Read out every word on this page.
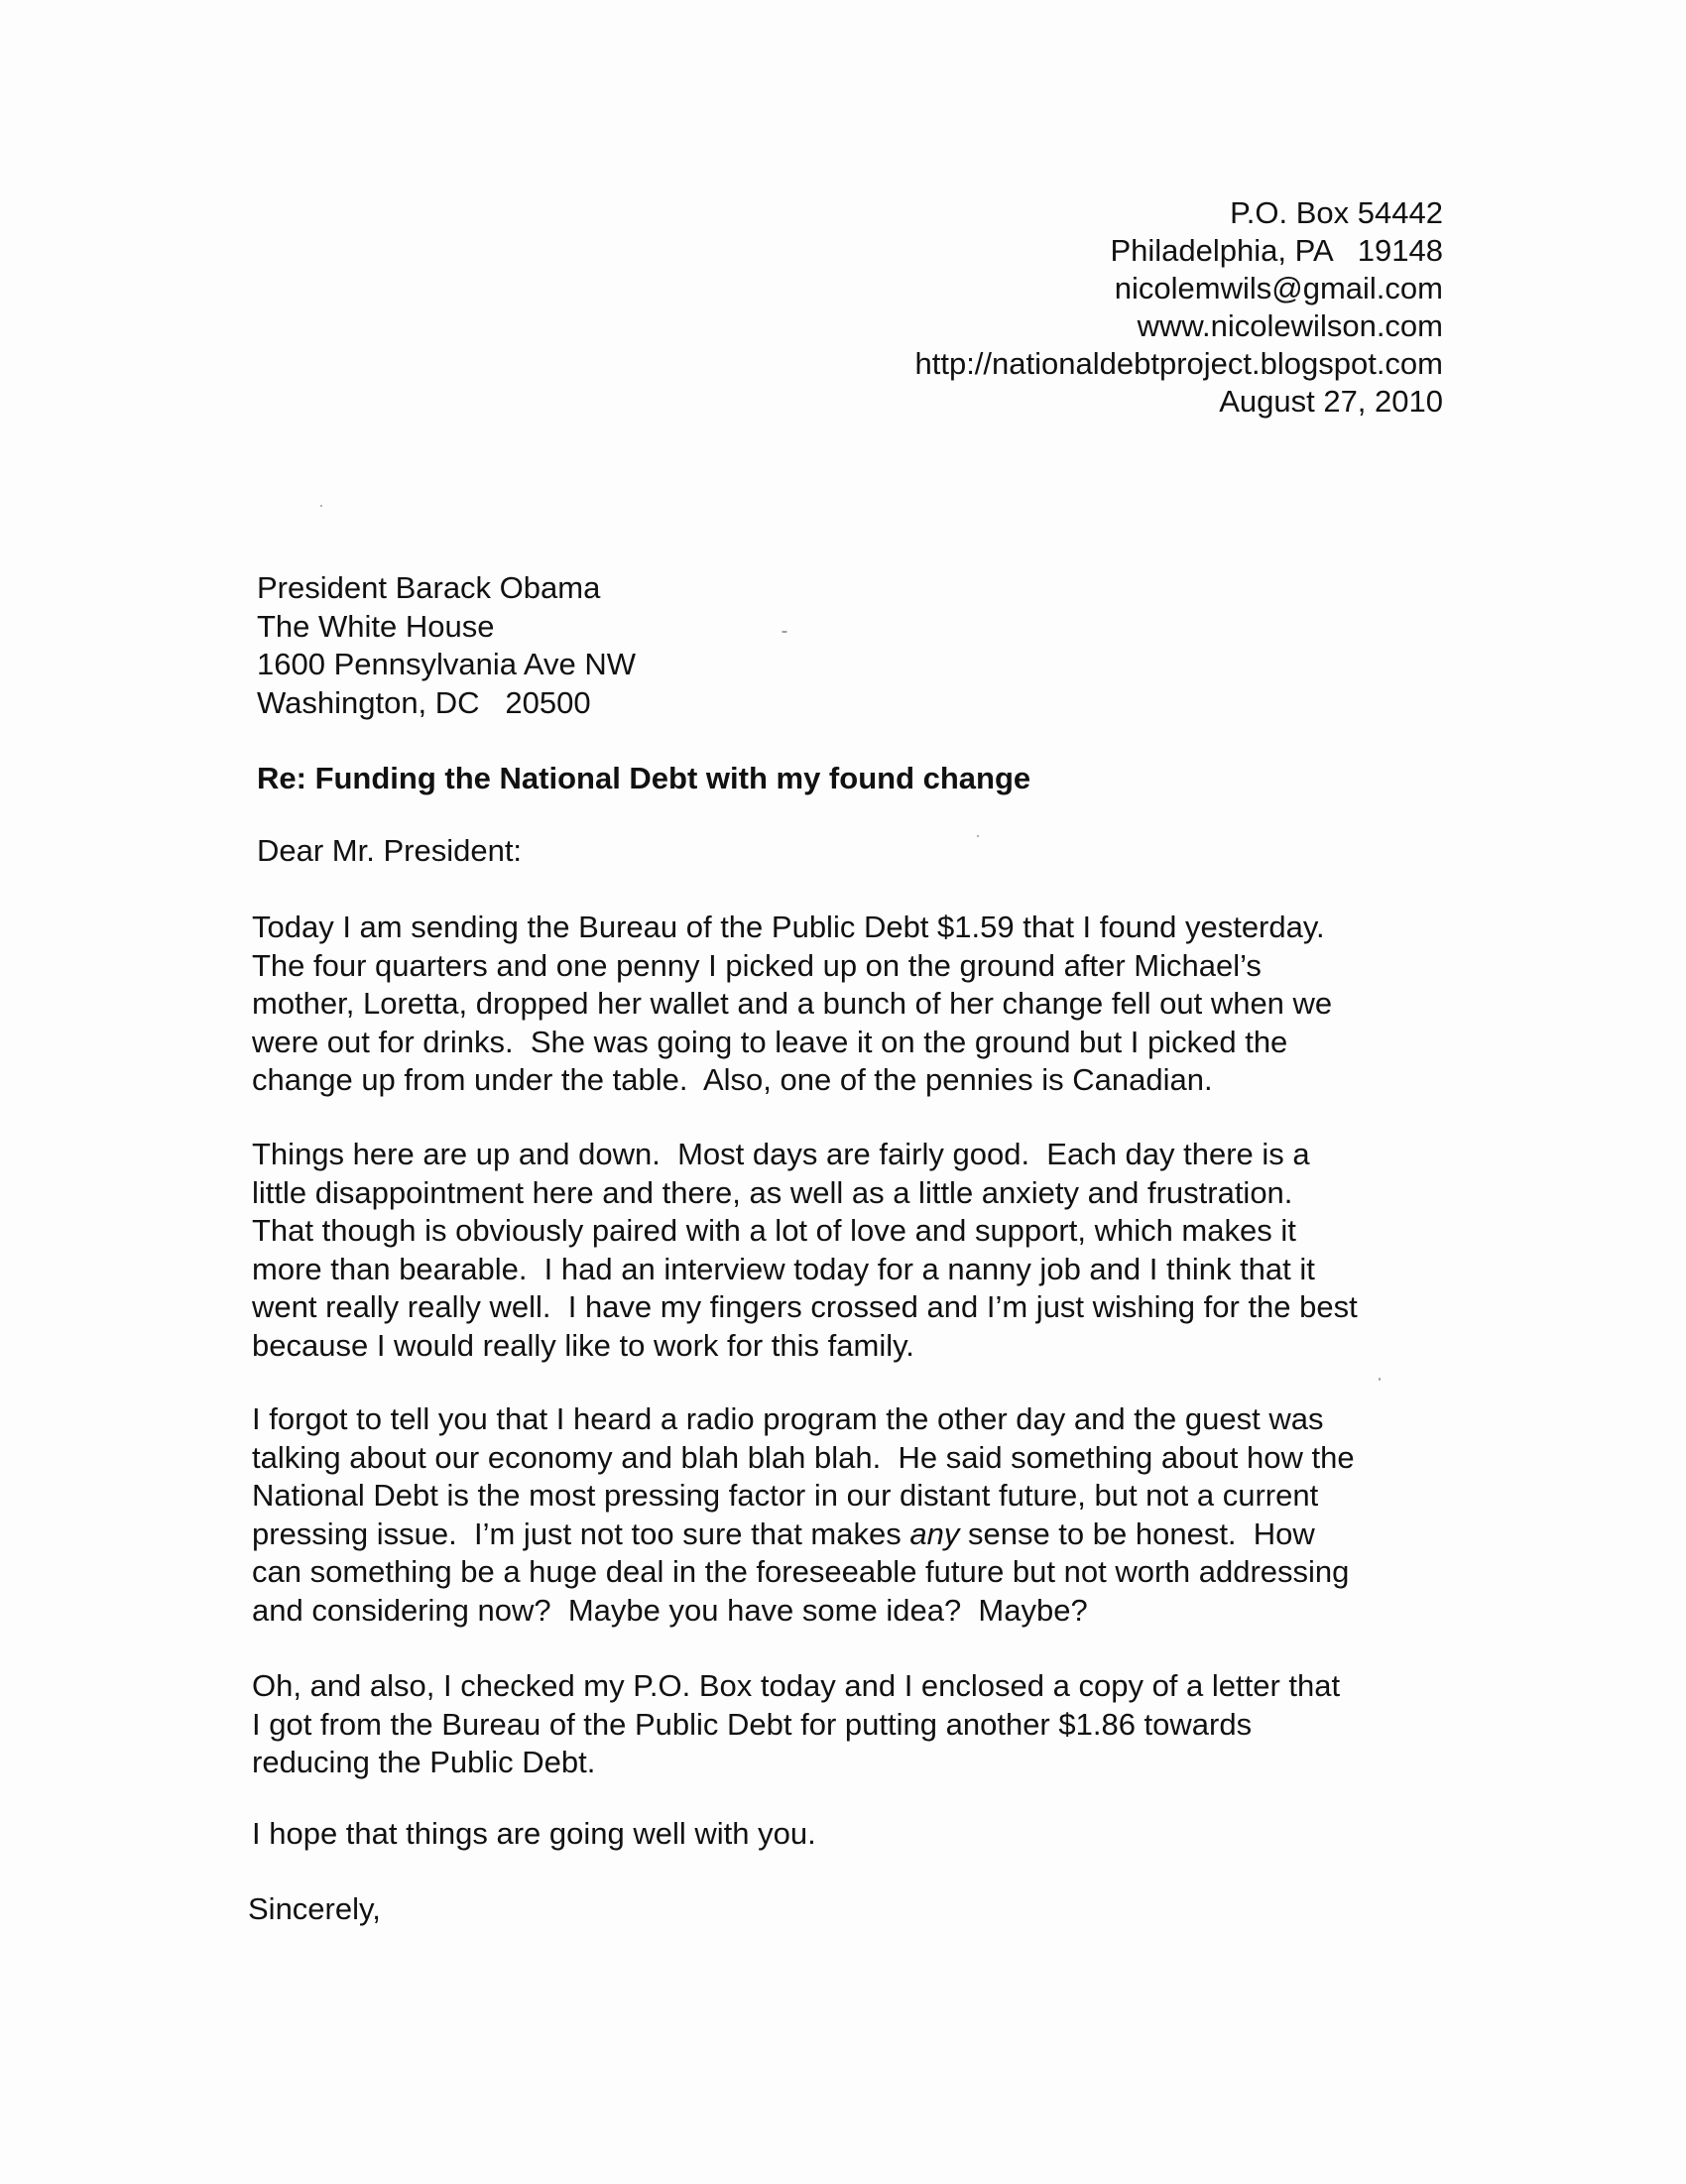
P.O. Box 54442
Philadelphia, PA   19148
nicolemwils@gmail.com
www.nicolewilson.com
http://nationaldebtproject.blogspot.com
August 27, 2010
President Barack Obama
The White House
1600 Pennsylvania Ave NW
Washington, DC   20500
Re: Funding the National Debt with my found change
Dear Mr. President:
Today I am sending the Bureau of the Public Debt $1.59 that I found yesterday.
The four quarters and one penny I picked up on the ground after Michael’s
mother, Loretta, dropped her wallet and a bunch of her change fell out when we
were out for drinks.  She was going to leave it on the ground but I picked the
change up from under the table.  Also, one of the pennies is Canadian.
Things here are up and down.  Most days are fairly good.  Each day there is a
little disappointment here and there, as well as a little anxiety and frustration.
That though is obviously paired with a lot of love and support, which makes it
more than bearable.  I had an interview today for a nanny job and I think that it
went really really well.  I have my fingers crossed and I’m just wishing for the best
because I would really like to work for this family.
I forgot to tell you that I heard a radio program the other day and the guest was
talking about our economy and blah blah blah.  He said something about how the
National Debt is the most pressing factor in our distant future, but not a current
pressing issue.  I’m just not too sure that makes any sense to be honest.  How
can something be a huge deal in the foreseeable future but not worth addressing
and considering now?  Maybe you have some idea?  Maybe?
Oh, and also, I checked my P.O. Box today and I enclosed a copy of a letter that
I got from the Bureau of the Public Debt for putting another $1.86 towards
reducing the Public Debt.
I hope that things are going well with you.
Sincerely,
